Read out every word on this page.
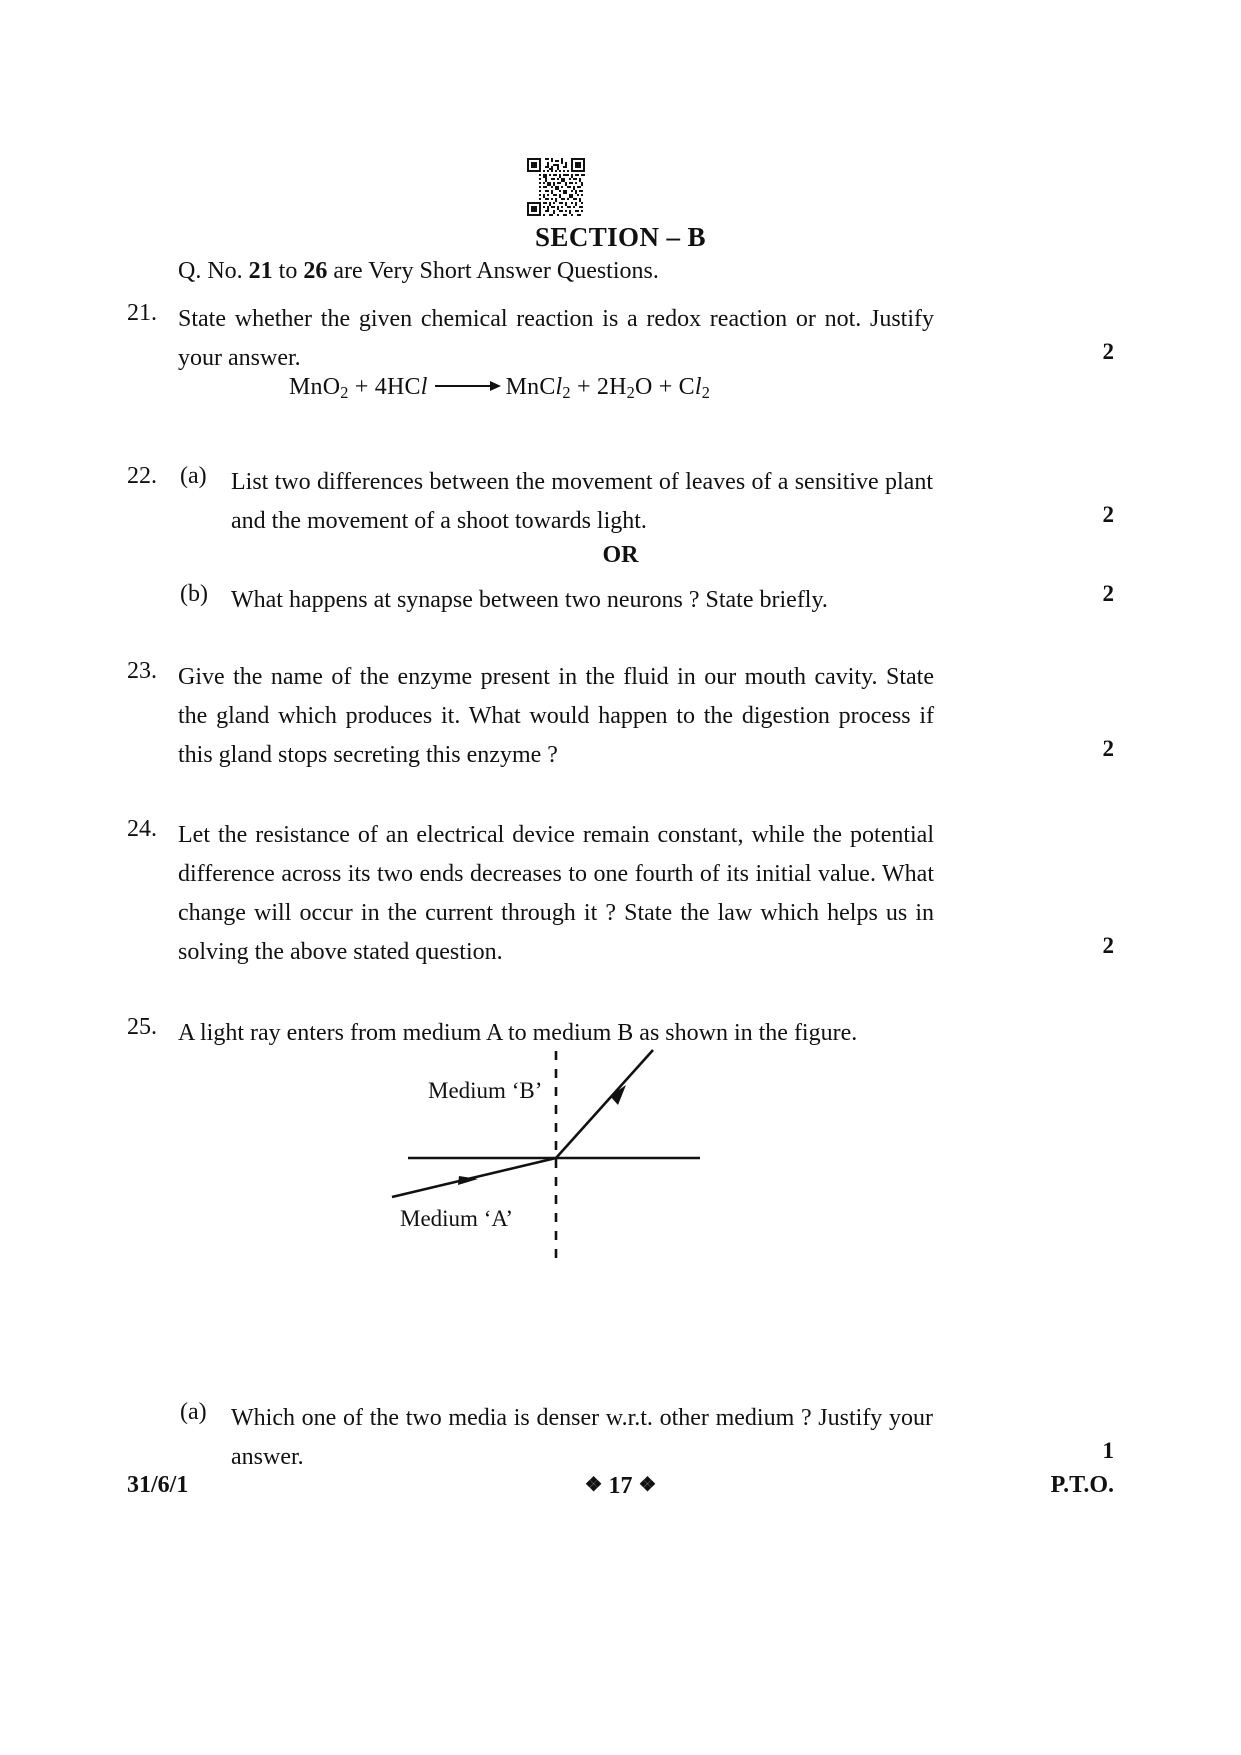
SECTION – B
Q. No. 21 to 26 are Very Short Answer Questions.
21. State whether the given chemical reaction is a redox reaction or not. Justify your answer.	2
MnO$_2$ + 4HCl	MnCl$_2$ + $2H_2O + Cl_2$
22. (a)	List two differences between the movement of leaves of a sensitive plant and the movement of a shoot towards light.	2
OR
(b) What happens at synapse between two neurons ? State briefly.	2
23. Give the name of the enzyme present in the fluid in our mouth cavity. State the gland which produces it. What would happen to the digestion process if this gland stops secreting this enzyme ?	2
24. Let the resistance of an electrical device remain constant, while the potential difference across its two ends decreases to one fourth of its initial value. What change will occur in the current through it ? State the law which helps us in solving the above stated question.	2
25. A light ray enters from medium A to medium B as shown in the figure.
Medium ‘B’
Medium ‘A’
(a)	Which one of the two media is denser w.r.t. other medium ? Justify your answer.	1
31/6/1	❖ 17 ❖	P.T.O.
